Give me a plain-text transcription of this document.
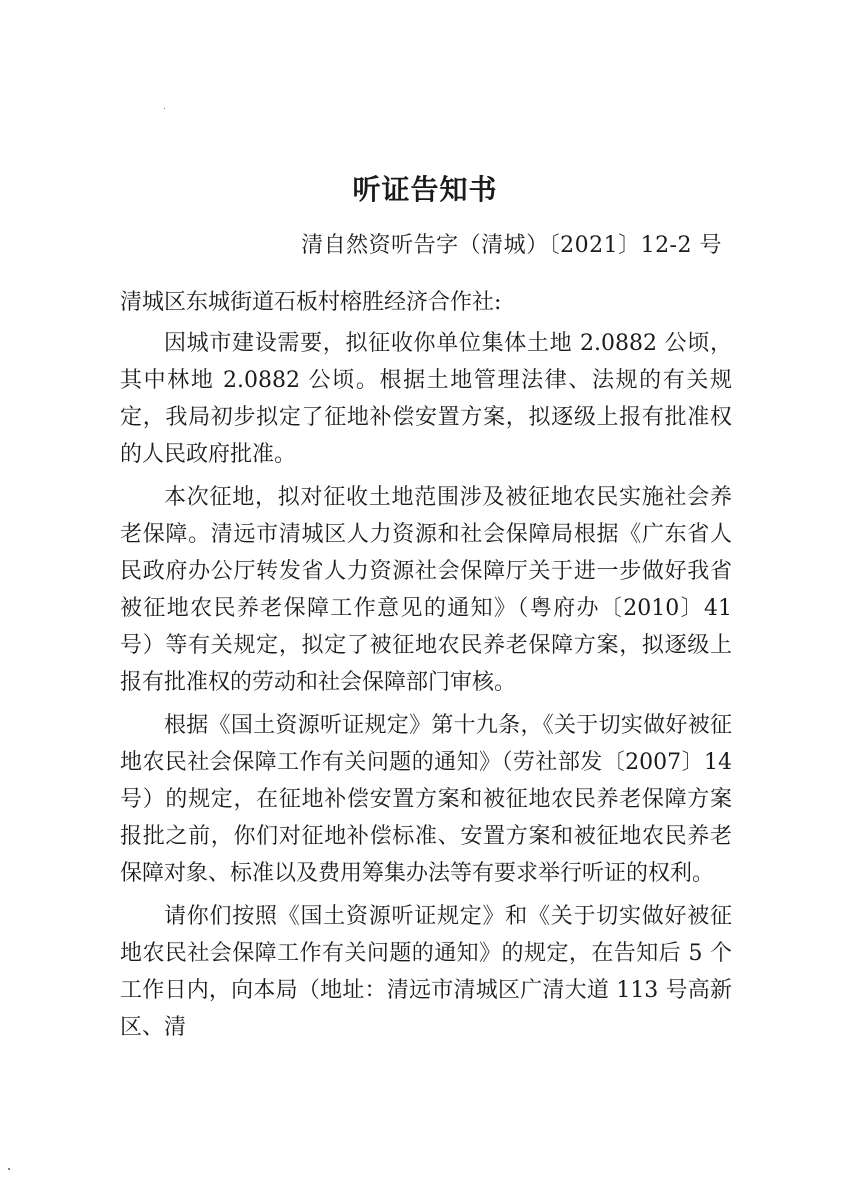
听证告知书
清自然资听告字（清城）〔2021〕12-2 号
清城区东城街道石板村榕胜经济合作社:

因城市建设需要，拟征收你单位集体土地 2.0882 公顷，其中林地 2.0882 公顷。根据土地管理法律、法规的有关规定，我局初步拟定了征地补偿安置方案，拟逐级上报有批准权的人民政府批准。

本次征地，拟对征收土地范围涉及被征地农民实施社会养老保障。清远市清城区人力资源和社会保障局根据《广东省人民政府办公厅转发省人力资源社会保障厅关于进一步做好我省被征地农民养老保障工作意见的通知》（粤府办〔2010〕41 号）等有关规定，拟定了被征地农民养老保障方案，拟逐级上报有批准权的劳动和社会保障部门审核。

根据《国土资源听证规定》第十九条，《关于切实做好被征地农民社会保障工作有关问题的通知》（劳社部发〔2007〕14 号）的规定，在征地补偿安置方案和被征地农民养老保障方案报批之前，你们对征地补偿标准、安置方案和被征地农民养老保障对象、标准以及费用筹集办法等有要求举行听证的权利。

请你们按照《国土资源听证规定》和《关于切实做好被征地农民社会保障工作有关问题的通知》的规定，在告知后 5 个工作日内，向本局（地址：清远市清城区广清大道 113 号高新区、清
